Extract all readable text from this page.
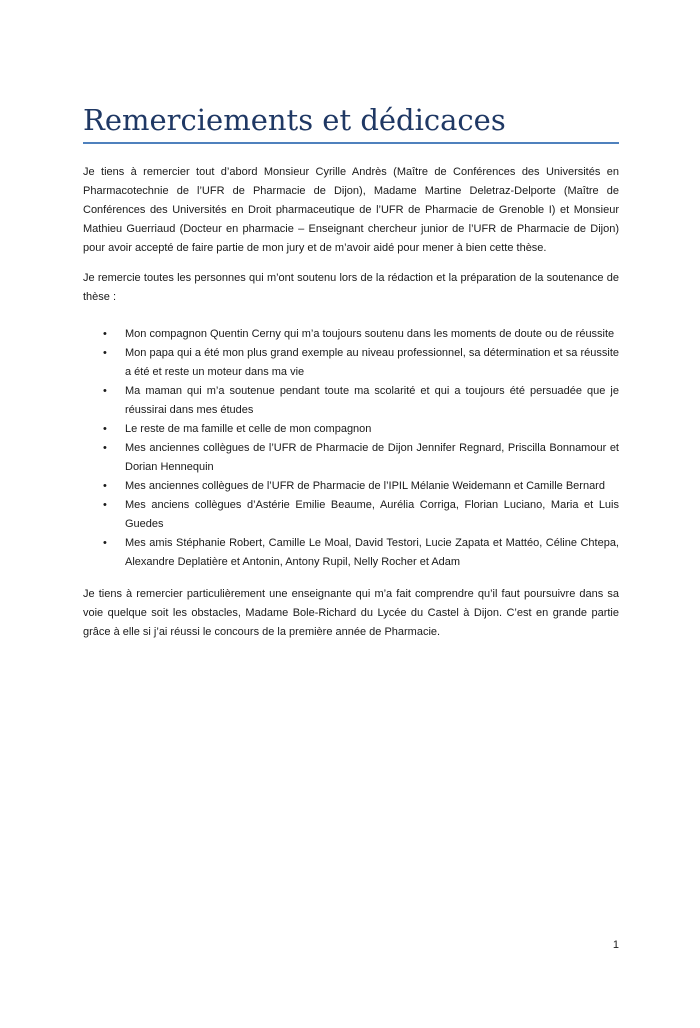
Remerciements et dédicaces

Je tiens à remercier tout d’abord Monsieur Cyrille Andrès (Maître de Conférences des Universités en Pharmacotechnie de l’UFR de Pharmacie de Dijon), Madame Martine Deletraz-Delporte (Maître de Conférences des Universités en Droit pharmaceutique de l’UFR de Pharmacie de Grenoble I) et Monsieur Mathieu Guerriaud (Docteur en pharmacie – Enseignant chercheur junior de l’UFR de Pharmacie de Dijon) pour avoir accepté de faire partie de mon jury et de m’avoir aidé pour mener à bien cette thèse.

Je remercie toutes les personnes qui m’ont soutenu lors de la rédaction et la préparation de la soutenance de thèse :

•	Mon compagnon Quentin Cerny qui m’a toujours soutenu dans les moments de doute ou de réussite
•	Mon papa qui a été mon plus grand exemple au niveau professionnel, sa détermination et sa réussite a été et reste un moteur dans ma vie
•	Ma maman qui m’a soutenue pendant toute ma scolarité et qui a toujours été persuadée que je réussirai dans mes études
•	Le reste de ma famille et celle de mon compagnon
•	Mes anciennes collègues de l’UFR de Pharmacie de Dijon Jennifer Regnard, Priscilla Bonnamour et Dorian Hennequin
•	Mes anciennes collègues de l’UFR de Pharmacie de l’IPIL Mélanie Weidemann et Camille Bernard
•	Mes anciens collègues d’Astérie Emilie Beaume, Aurélia Corriga, Florian Luciano, Maria et Luis Guedes
•	Mes amis Stéphanie Robert, Camille Le Moal, David Testori, Lucie Zapata et Mattéo, Céline Chtepa, Alexandre Deplatière et Antonin, Antony Rupil, Nelly Rocher et Adam

Je tiens à remercier particulièrement une enseignante qui m’a fait comprendre qu’il faut poursuivre dans sa voie quelque soit les obstacles, Madame Bole-Richard du Lycée du Castel à Dijon. C’est en grande partie grâce à elle si j’ai réussi le concours de la première année de Pharmacie.

1
